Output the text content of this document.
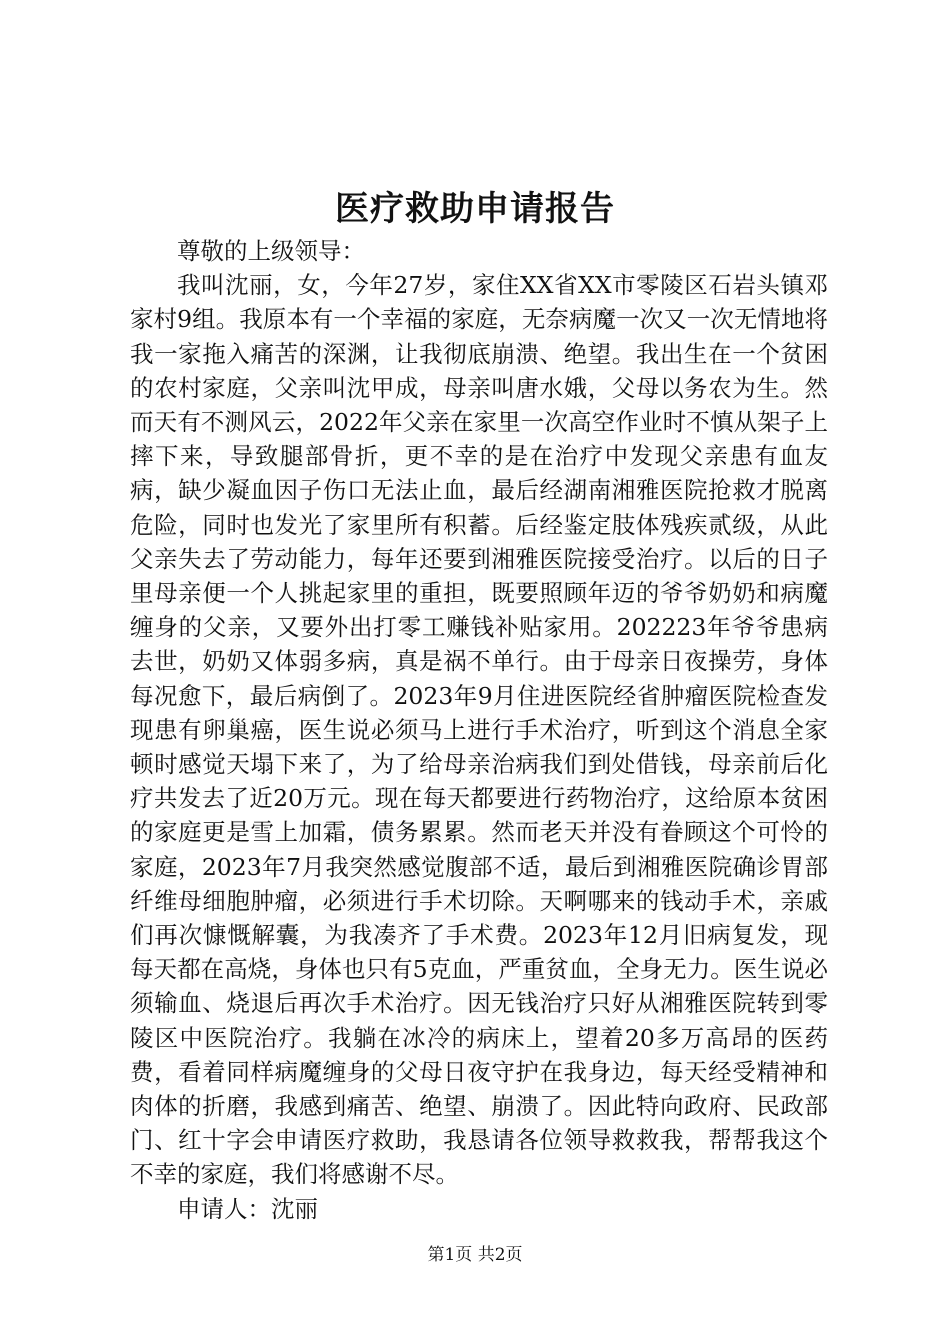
医疗救助申请报告

尊敬的上级领导：

我叫沈丽，女，今年27岁，家住XX省XX市零陵区石岩头镇邓家村9组。我原本有一个幸福的家庭，无奈病魔一次又一次无情地将我一家拖入痛苦的深渊，让我彻底崩溃、绝望。我出生在一个贫困的农村家庭，父亲叫沈甲成，母亲叫唐水娥，父母以务农为生。然而天有不测风云，2022年父亲在家里一次高空作业时不慎从架子上摔下来，导致腿部骨折，更不幸的是在治疗中发现父亲患有血友病，缺少凝血因子伤口无法止血，最后经湖南湘雅医院抢救才脱离危险，同时也发光了家里所有积蓄。后经鉴定肢体残疾贰级，从此父亲失去了劳动能力，每年还要到湘雅医院接受治疗。以后的日子里母亲便一个人挑起家里的重担，既要照顾年迈的爷爷奶奶和病魔缠身的父亲，又要外出打零工赚钱补贴家用。202223年爷爷患病去世，奶奶又体弱多病，真是祸不单行。由于母亲日夜操劳，身体每况愈下，最后病倒了。2023年9月住进医院经省肿瘤医院检查发现患有卵巢癌，医生说必须马上进行手术治疗，听到这个消息全家顿时感觉天塌下来了，为了给母亲治病我们到处借钱，母亲前后化疗共发去了近20万元。现在每天都要进行药物治疗，这给原本贫困的家庭更是雪上加霜，债务累累。然而老天并没有眷顾这个可怜的家庭，2023年7月我突然感觉腹部不适，最后到湘雅医院确诊胃部纤维母细胞肿瘤，必须进行手术切除。天啊哪来的钱动手术，亲戚们再次慷慨解囊，为我凑齐了手术费。2023年12月旧病复发，现每天都在高烧，身体也只有5克血，严重贫血，全身无力。医生说必须输血、烧退后再次手术治疗。因无钱治疗只好从湘雅医院转到零陵区中医院治疗。我躺在冰冷的病床上，望着20多万高昂的医药费，看着同样病魔缠身的父母日夜守护在我身边，每天经受精神和肉体的折磨，我感到痛苦、绝望、崩溃了。因此特向政府、民政部门、红十字会申请医疗救助，我恳请各位领导救救我，帮帮我这个不幸的家庭，我们将感谢不尽。

申请人：沈丽

第1页 共2页
